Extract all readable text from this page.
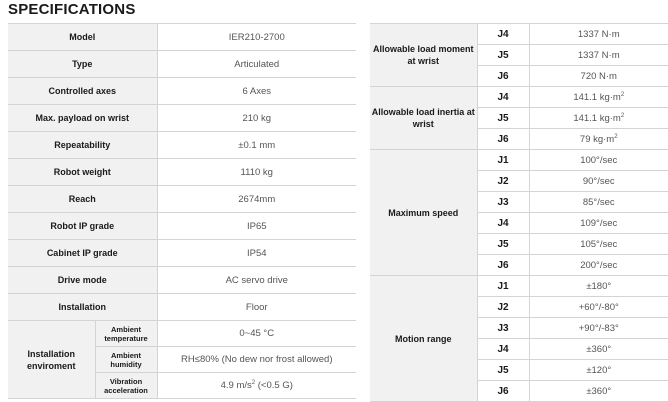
SPECIFICATIONS
Model		IER210-2700
Type		Articulated
Controlled axes		6 Axes
Max. payload on wrist		210 kg
Repeatability		±0.1 mm
Robot weight		1110 kg
Reach		2674mm
Robot IP grade		IP65
Cabinet IP grade		IP54
Drive mode		AC servo drive
Installation		Floor
Installation enviroment	Ambient temperature	0~45 °C
	Ambient humidity	RH≤80% (No dew nor frost allowed)
	Vibration acceleration	4.9 $m/s^2$ (<0.5 G)
Allowable load moment at wrist	J4	1337 N·m
	J5	1337 N·m
	J6	720 N·m
Allowable load inertia at wrist	J4	141.1 $kg\cdot m^2$
	J5	141.1 $kg\cdot m^2$
	J6	79 $kg\cdot m^2$
Maximum speed	J1	100°/sec
	J2	90°/sec
	J3	85°/sec
	J4	109°/sec
	J5	105°/sec
	J6	200°/sec
Motion range	J1	±180°
	J2	+60°/-80°
	J3	+90°/-83°
	J4	±360°
	J5	±120°
	J6	±360°
